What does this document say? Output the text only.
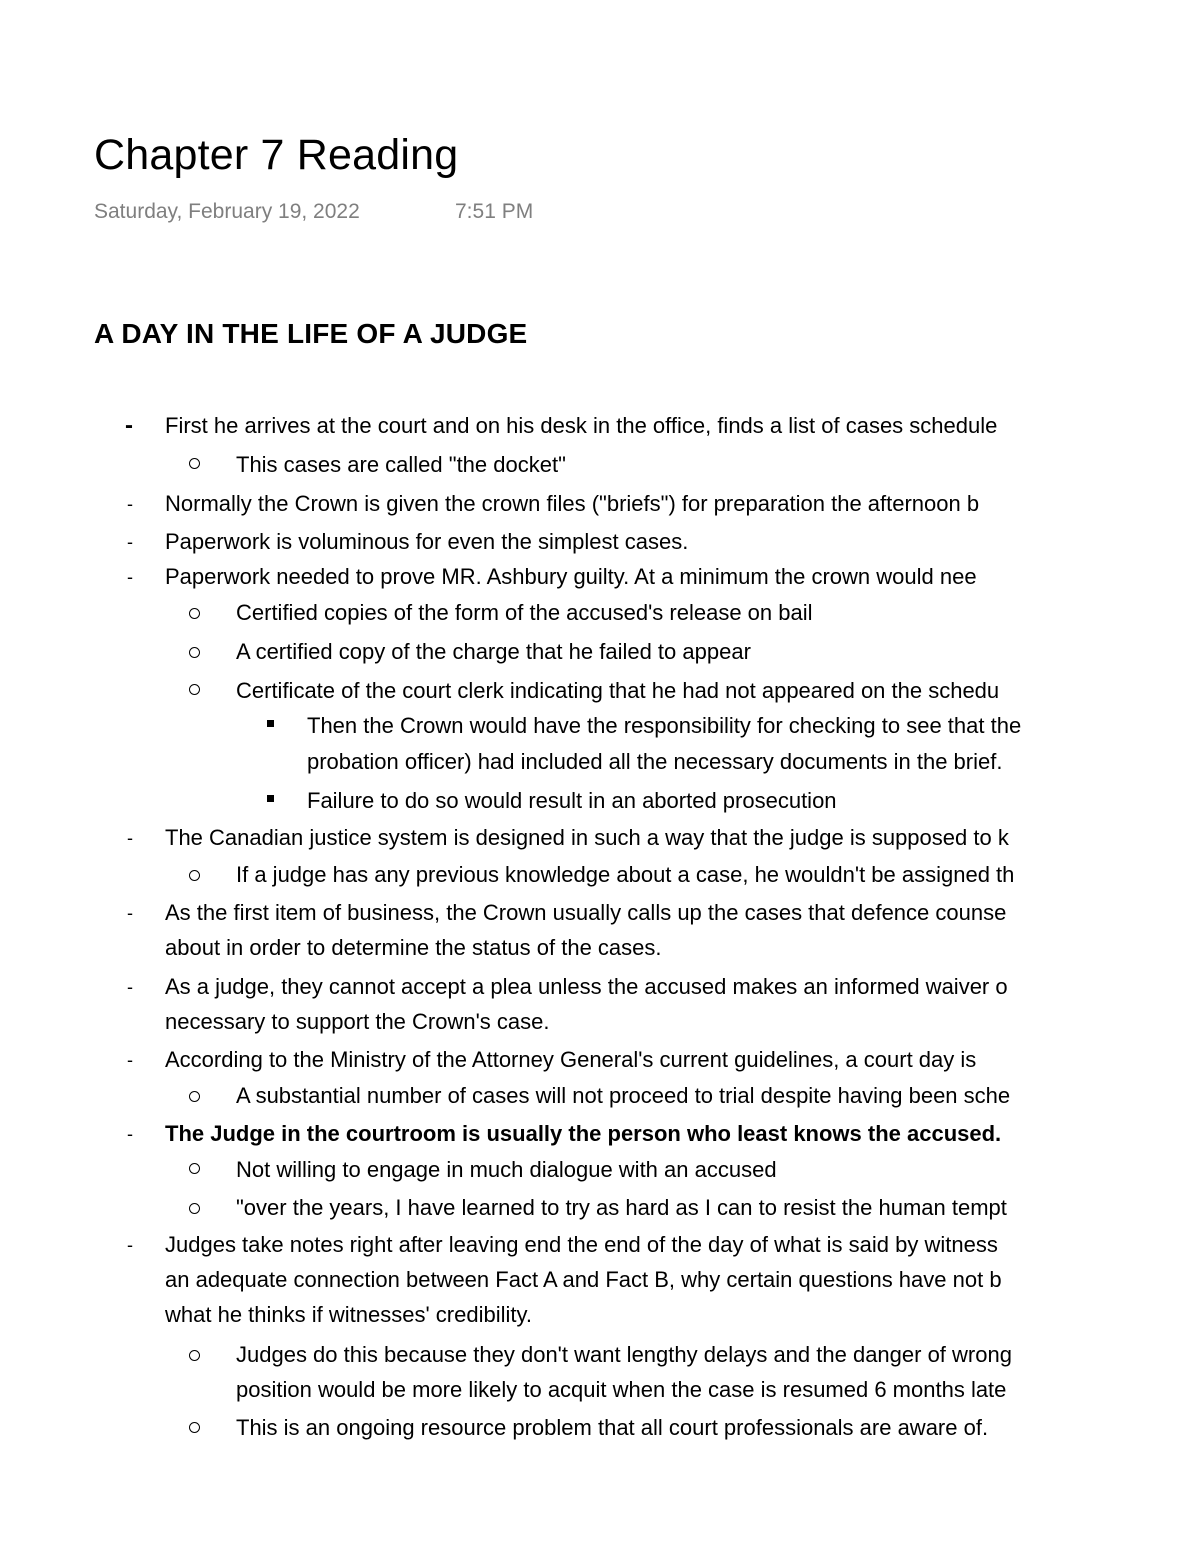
Chapter 7 Reading
Saturday, February 19, 2022	7:51 PM
A DAY IN THE LIFE OF A JUDGE
- First he arrives at the court and on his desk in the office, finds a list of cases schedule
This cases are called "the docket"
- Normally the Crown is given the crown files ("briefs") for preparation the afternoon b
- Paperwork is voluminous for even the simplest cases.
- Paperwork needed to prove MR. Ashbury guilty. At a minimum the crown would nee
Certified copies of the form of the accused's release on bail
A certified copy of the charge that he failed to appear
Certificate of the court clerk indicating that he had not appeared on the schedu
Then the Crown would have the responsibility for checking to see that the
probation officer) had included all the necessary documents in the brief.
Failure to do so would result in an aborted prosecution
- The Canadian justice system is designed in such a way that the judge is supposed to k
If a judge has any previous knowledge about a case, he wouldn't be assigned th
- As the first item of business, the Crown usually calls up the cases that defence counse
about in order to determine the status of the cases.
- As a judge, they cannot accept a plea unless the accused makes an informed waiver o
necessary to support the Crown's case.
- According to the Ministry of the Attorney General's current guidelines, a court day is
A substantial number of cases will not proceed to trial despite having been sche
- The Judge in the courtroom is usually the person who least knows the accused.
Not willing to engage in much dialogue with an accused
"over the years, I have learned to try as hard as I can to resist the human tempt
- Judges take notes right after leaving end the end of the day of what is said by witness
an adequate connection between Fact A and Fact B, why certain questions have not b
what he thinks if witnesses' credibility.
Judges do this because they don't want lengthy delays and the danger of wrong
position would be more likely to acquit when the case is resumed 6 months late
This is an ongoing resource problem that all court professionals are aware of.
